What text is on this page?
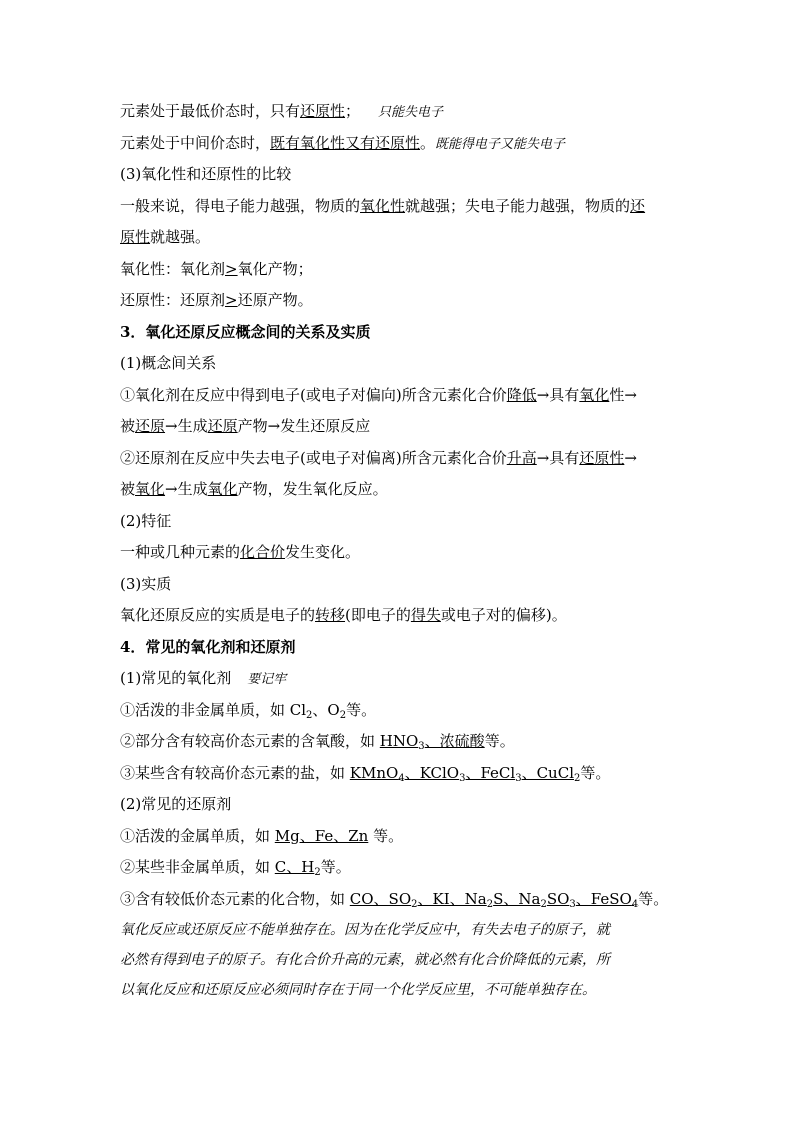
元素处于最低价态时，只有还原性； 只能失电子
元素处于中间价态时，既有氧化性又有还原性。既能得电子又能失电子
(3)氧化性和还原性的比较
一般来说，得电子能力越强，物质的氧化性就越强；失电子能力越强，物质的还
原性就越强。
氧化性：氧化剂>氧化产物；
还原性：还原剂>还原产物。
3．氧化还原反应概念间的关系及实质
(1)概念间关系
①氧化剂在反应中得到电子(或电子对偏向)所含元素化合价降低→具有氧化性→
被还原→生成还原产物→发生还原反应
②还原剂在反应中失去电子(或电子对偏离)所含元素化合价升高→具有还原性→
被氧化→生成氧化产物，发生氧化反应。
(2)特征
一种或几种元素的化合价发生变化。
(3)实质
氧化还原反应的实质是电子的转移(即电子的得失或电子对的偏移)。
4．常见的氧化剂和还原剂
(1)常见的氧化剂 要记牢
①活泼的非金属单质，如 $Cl_2$、$O_2$等。
②部分含有较高价态元素的含氧酸，如 $HNO_3$、浓硫酸等。
③某些含有较高价态元素的盐，如 KMnO$_4$、KClO$_3$、FeCl$_3$、CuCl$_2$等。
(2)常见的还原剂
①活泼的金属单质，如 Mg、Fe、Zn 等。
②某些非金属单质，如 C、$H_2$等。
③含有较低价态元素的化合物，如 CO、$SO_2$、KI、$Na_2S$、$Na_2SO_3$、FeSO$_4$等。
氧化反应或还原反应不能单独存在。因为在化学反应中，有失去电子的原子，就
必然有得到电子的原子。有化合价升高的元素，就必然有化合价降低的元素，所
以氧化反应和还原反应必须同时存在于同一个化学反应里，不可能单独存在。
